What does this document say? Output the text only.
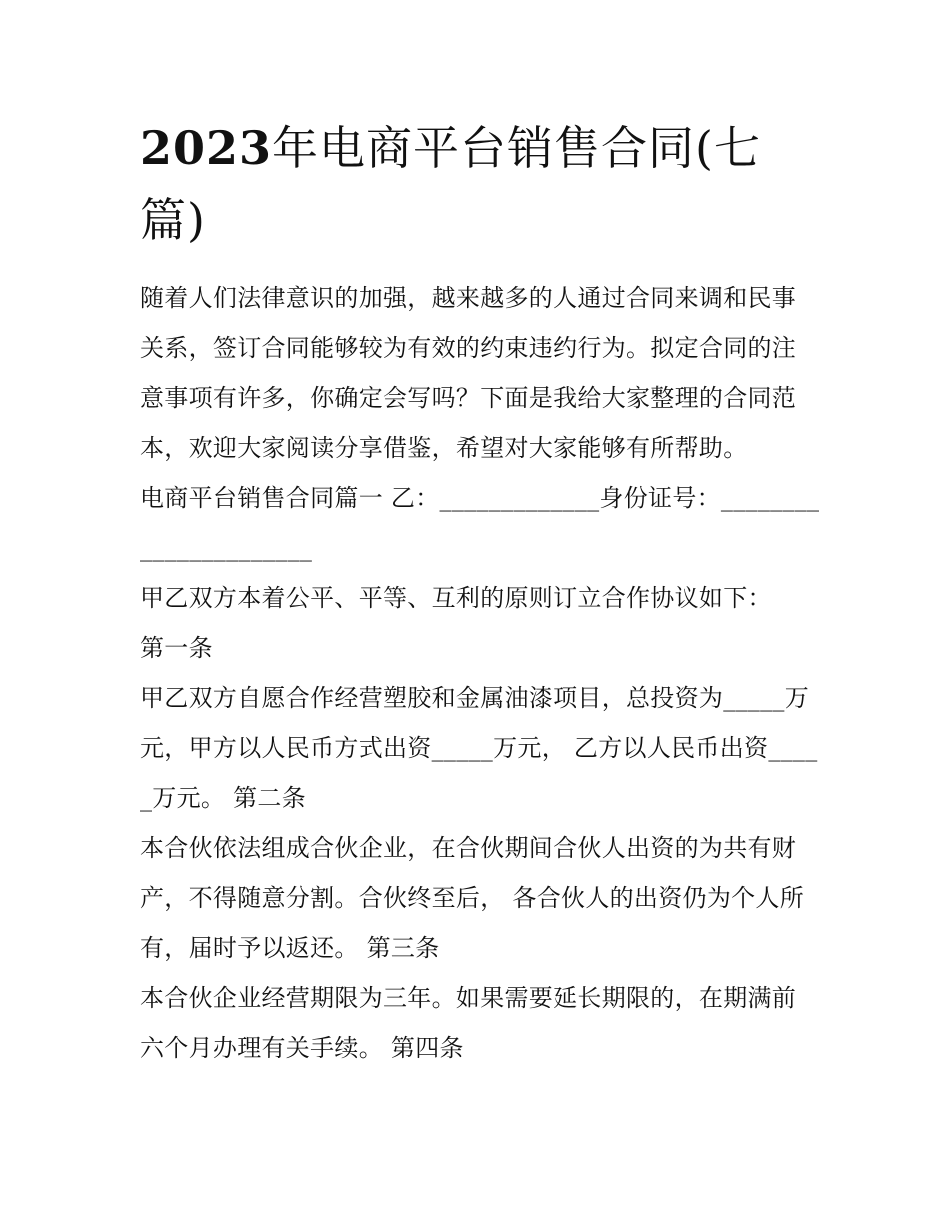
2023年电商平台销售合同(七篇)

随着人们法律意识的加强，越来越多的人通过合同来调和民事关系，签订合同能够较为有效的约束违约行为。拟定合同的注意事项有许多，你确定会写吗？下面是我给大家整理的合同范本，欢迎大家阅读分享借鉴，希望对大家能够有所帮助。

电商平台销售合同篇一 乙：_____________身份证号：______________________

甲乙双方本着公平、平等、互利的原则订立合作协议如下：

第一条

甲乙双方自愿合作经营塑胶和金属油漆项目，总投资为_____万元，甲方以人民币方式出资_____万元， 乙方以人民币出资_____万元。 第二条

本合伙依法组成合伙企业，在合伙期间合伙人出资的为共有财产，不得随意分割。合伙终至后， 各合伙人的出资仍为个人所有，届时予以返还。 第三条

本合伙企业经营期限为三年。如果需要延长期限的，在期满前六个月办理有关手续。 第四条
